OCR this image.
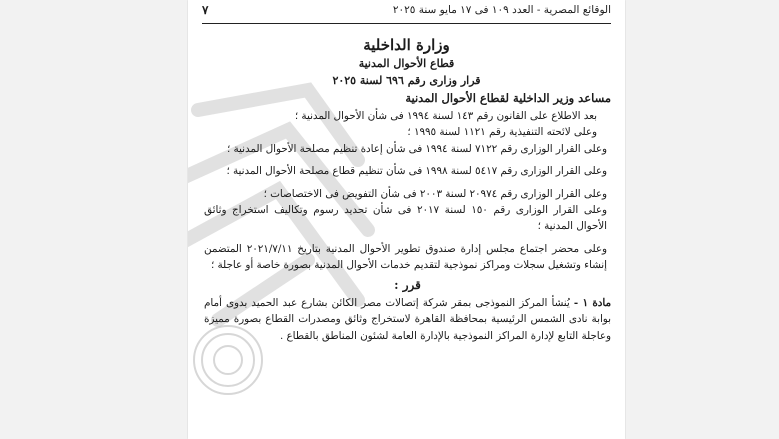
الوقائع المصرية - العدد ١٠٩ فى ١٧ مايو سنة ٢٠٢٥
٧
وزارة الداخلية
قطاع الأحوال المدنية
قرار وزارى رقم ٦٩٦ لسنة ٢٠٢٥
مساعد وزير الداخلية لقطاع الأحوال المدنية

بعد الاطلاع على القانون رقم ١٤٣ لسنة ١٩٩٤ فى شأن الأحوال المدنية ؛

وعلى لائحته التنفيذية رقم ١١٢١ لسنة ١٩٩٥ ؛

وعلى القرار الوزارى رقم ٧١٢٢ لسنة ١٩٩٤ فى شأن إعادة تنظيم مصلحة الأحوال المدنية ؛

وعلى القرار الوزارى رقم ٥٤١٧ لسنة ١٩٩٨ فى شأن تنظيم قطاع مصلحة الأحوال المدنية ؛

وعلى القرار الوزارى رقم ٢٠٩٧٤ لسنة ٢٠٠٣ فى شأن التفويض فى الاختصاصات ؛

وعلى القرار الوزارى رقم ١٥٠ لسنة ٢٠١٧ فى شأن تحديد رسوم وتكاليف استخراج وثائق الأحوال المدنية ؛

وعلى محضر اجتماع مجلس إدارة صندوق تطوير الأحوال المدنية بتاريخ ٢٠٢١/٧/١١ المتضمن إنشاء وتشغيل سجلات ومراكز نموذجية لتقديم خدمات الأحوال المدنية بصورة خاصة أو عاجلة ؛

قرر :

مادة ١ - يُنشأ المركز النموذجى بمقر شركة إتصالات مصر الكائن بشارع عبد الحميد بدوى أمام بوابة نادى الشمس الرئيسية بمحافظة القاهرة لاستخراج وثائق ومصدرات القطاع بصورة مميزة وعاجلة التابع لإدارة المراكز النموذجية بالإدارة العامة لشئون المناطق بالقطاع .
